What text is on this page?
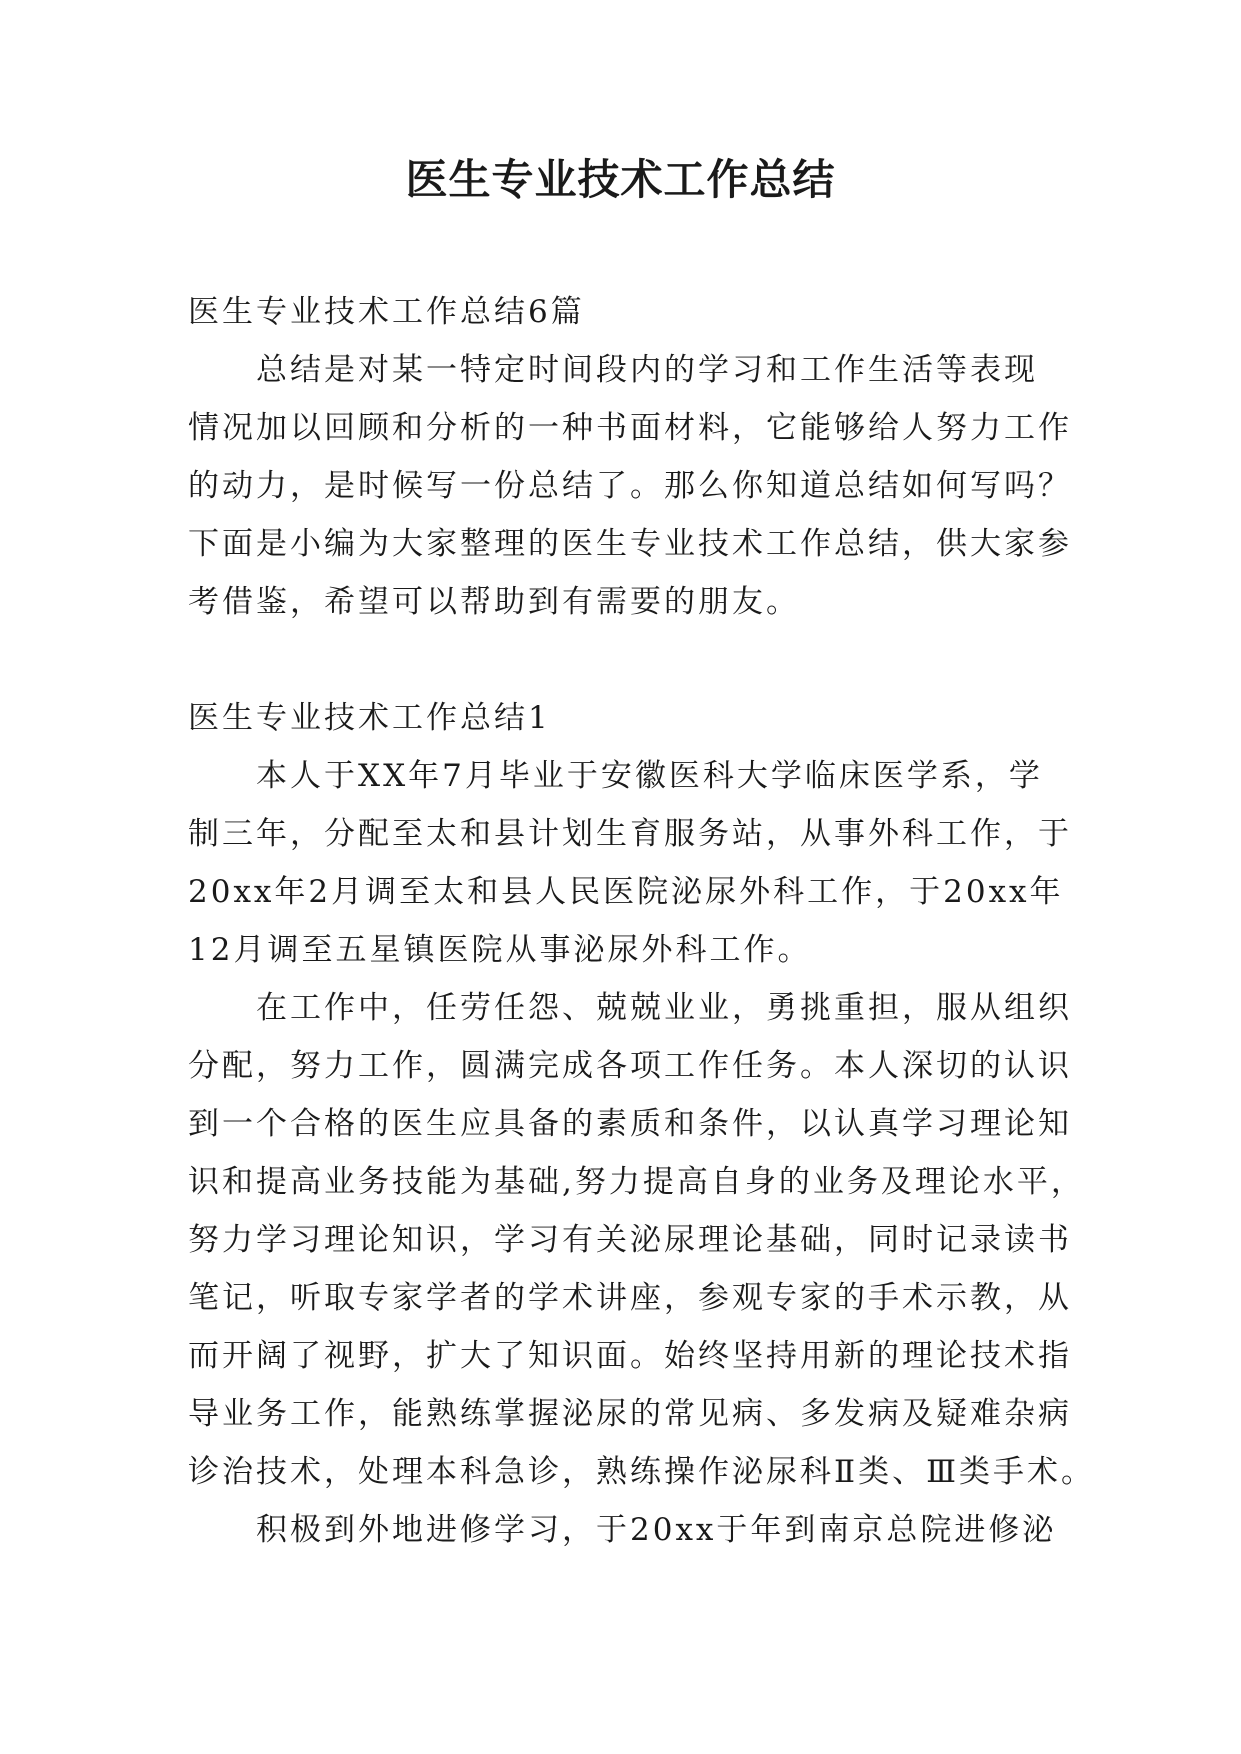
医生专业技术工作总结

医生专业技术工作总结6篇

总结是对某一特定时间段内的学习和工作生活等表现

情况加以回顾和分析的一种书面材料，它能够给人努力工作

的动力，是时候写一份总结了。那么你知道总结如何写吗？

下面是小编为大家整理的医生专业技术工作总结，供大家参

考借鉴，希望可以帮助到有需要的朋友。

医生专业技术工作总结1

本人于XX年7月毕业于安徽医科大学临床医学系，学

制三年，分配至太和县计划生育服务站，从事外科工作，于

20xx年2月调至太和县人民医院泌尿外科工作，于20xx年

12月调至五星镇医院从事泌尿外科工作。

在工作中，任劳任怨、兢兢业业，勇挑重担，服从组织

分配，努力工作，圆满完成各项工作任务。本人深切的认识

到一个合格的医生应具备的素质和条件，以认真学习理论知

识和提高业务技能为基础,努力提高自身的业务及理论水平，

努力学习理论知识，学习有关泌尿理论基础，同时记录读书

笔记，听取专家学者的学术讲座，参观专家的手术示教，从

而开阔了视野，扩大了知识面。始终坚持用新的理论技术指

导业务工作，能熟练掌握泌尿的常见病、多发病及疑难杂病

诊治技术，处理本科急诊，熟练操作泌尿科Ⅱ类、Ⅲ类手术。

积极到外地进修学习，于20xx于年到南京总院进修泌
